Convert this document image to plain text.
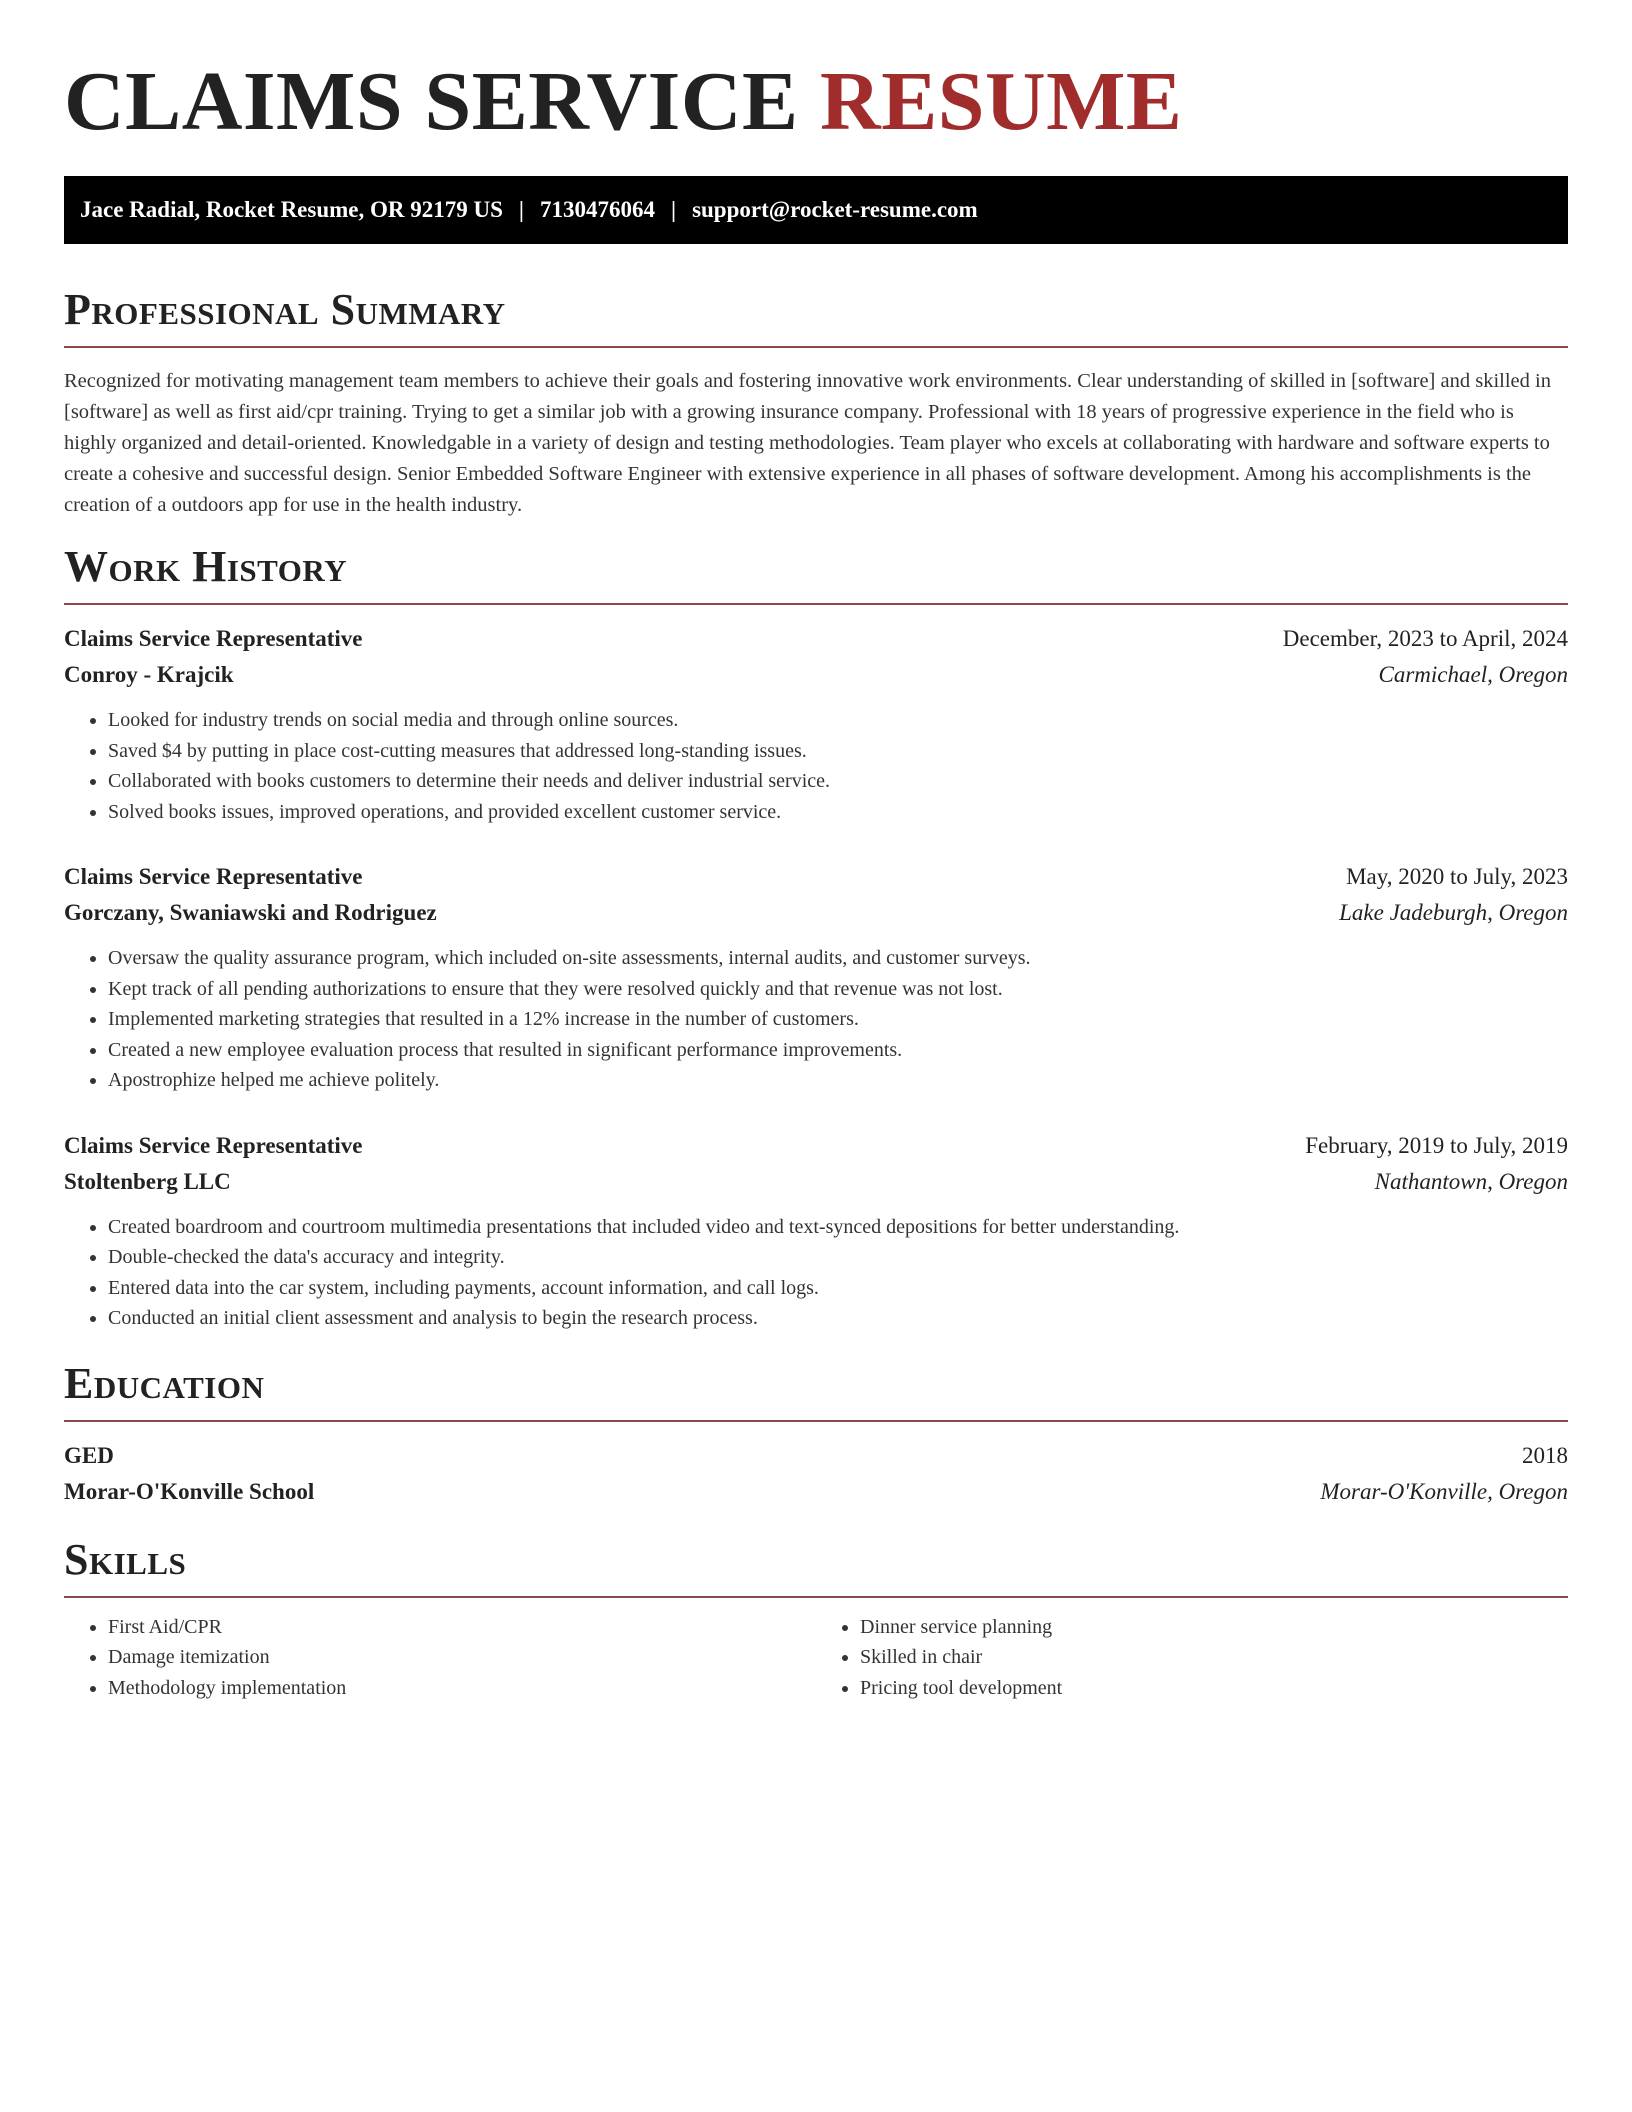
CLAIMS SERVICE RESUME
Jace Radial, Rocket Resume, OR 92179 US | 7130476064 | support@rocket-resume.com
Professional Summary

Recognized for motivating management team members to achieve their goals and fostering innovative work environments. Clear understanding of skilled in [software] and skilled in [software] as well as first aid/cpr training. Trying to get a similar job with a growing insurance company. Professional with 18 years of progressive experience in the field who is highly organized and detail-oriented. Knowledgable in a variety of design and testing methodologies. Team player who excels at collaborating with hardware and software experts to create a cohesive and successful design. Senior Embedded Software Engineer with extensive experience in all phases of software development. Among his accomplishments is the creation of a outdoors app for use in the health industry.

Work History
Claims Service Representative	December, 2023 to April, 2024
Conroy - Krajcik	Carmichael, Oregon
• Looked for industry trends on social media and through online sources.
• Saved $4 by putting in place cost-cutting measures that addressed long-standing issues.
• Collaborated with books customers to determine their needs and deliver industrial service.
• Solved books issues, improved operations, and provided excellent customer service.
Claims Service Representative	May, 2020 to July, 2023
Gorczany, Swaniawski and Rodriguez	Lake Jadeburgh, Oregon
• Oversaw the quality assurance program, which included on-site assessments, internal audits, and customer surveys.
• Kept track of all pending authorizations to ensure that they were resolved quickly and that revenue was not lost.
• Implemented marketing strategies that resulted in a 12% increase in the number of customers.
• Created a new employee evaluation process that resulted in significant performance improvements.
• Apostrophize helped me achieve politely.
Claims Service Representative	February, 2019 to July, 2019
Stoltenberg LLC	Nathantown, Oregon
• Created boardroom and courtroom multimedia presentations that included video and text-synced depositions for better understanding.
• Double-checked the data's accuracy and integrity.
• Entered data into the car system, including payments, account information, and call logs.
• Conducted an initial client assessment and analysis to begin the research process.
Education
GED	2018
Morar-O'Konville School	Morar-O'Konville, Oregon
Skills
• First Aid/CPR
• Damage itemization
• Methodology implementation
• Dinner service planning
• Skilled in chair
• Pricing tool development
